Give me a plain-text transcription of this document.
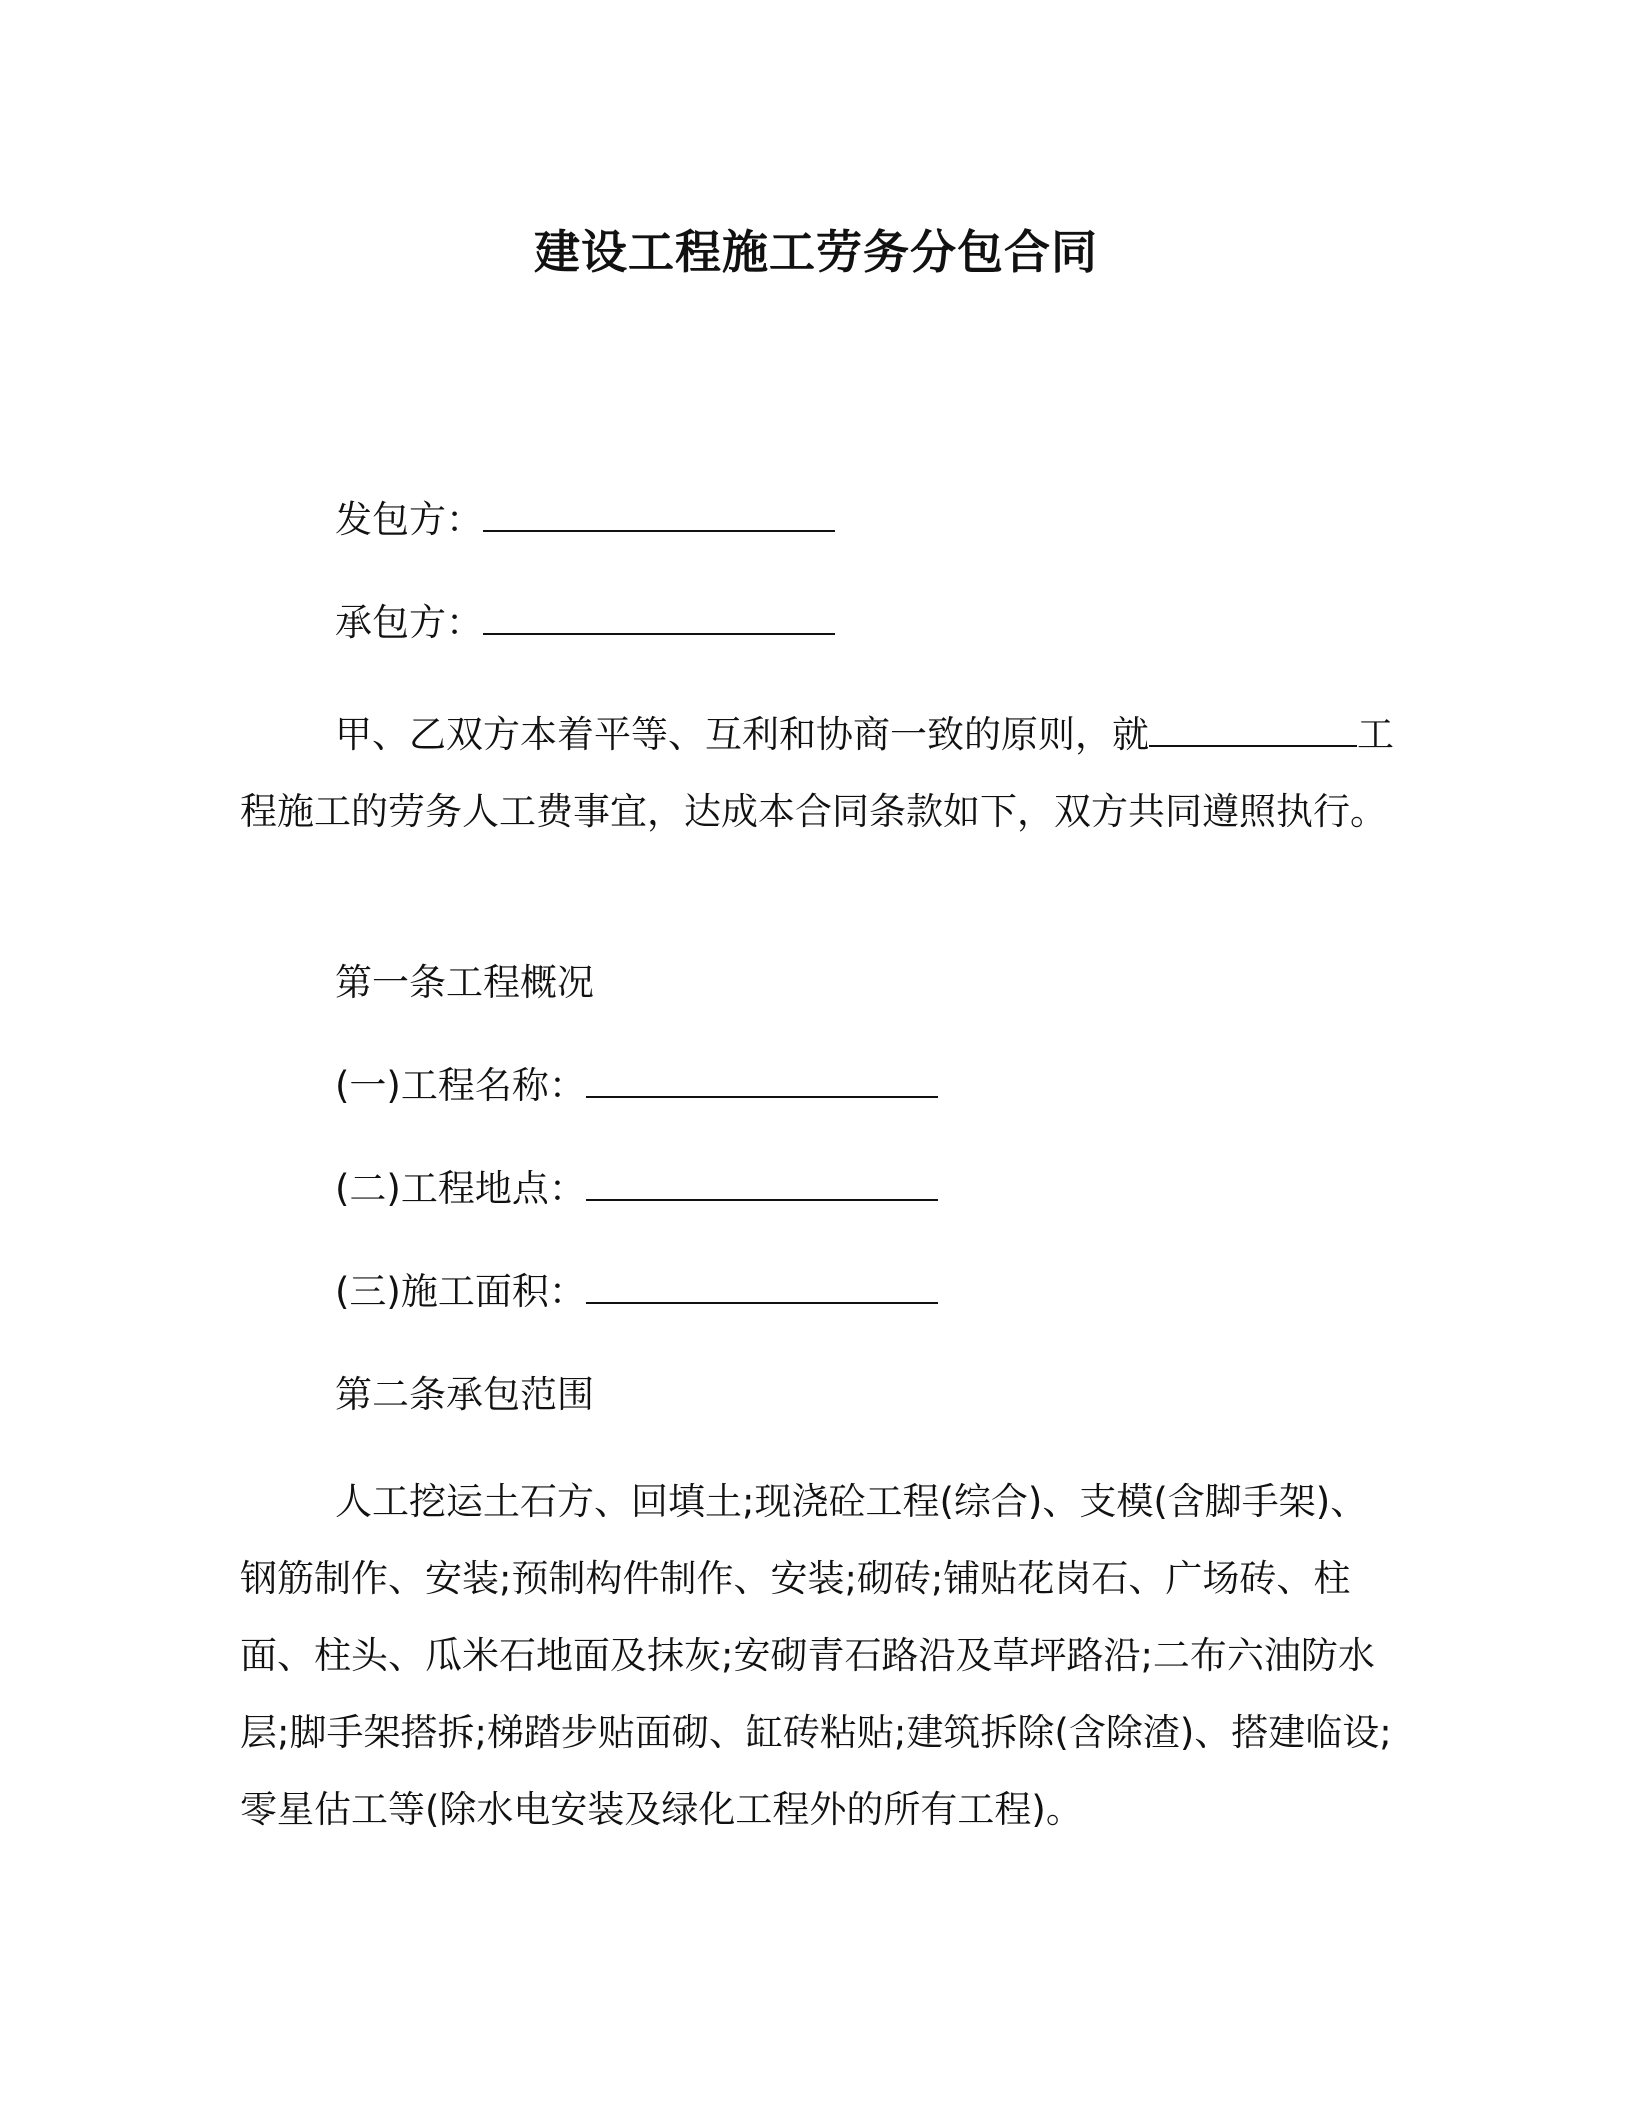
建设工程施工劳务分包合同
发包方：
承包方：
甲、乙双方本着平等、互利和协商一致的原则，就	工程施工的劳务人工费事宜，达成本合同条款如下，双方共同遵照执行。
第一条工程概况
(一)工程名称：
(二)工程地点：
(三)施工面积：
第二条承包范围
人工挖运土石方、回填土;现浇砼工程(综合)、支模(含脚手架)、钢筋制作、安装;预制构件制作、安装;砌砖;铺贴花岗石、广场砖、柱面、柱头、瓜米石地面及抹灰;安砌青石路沿及草坪路沿;二布六油防水层;脚手架搭拆;梯踏步贴面砌、缸砖粘贴;建筑拆除(含除渣)、搭建临设;零星估工等(除水电安装及绿化工程外的所有工程)。
